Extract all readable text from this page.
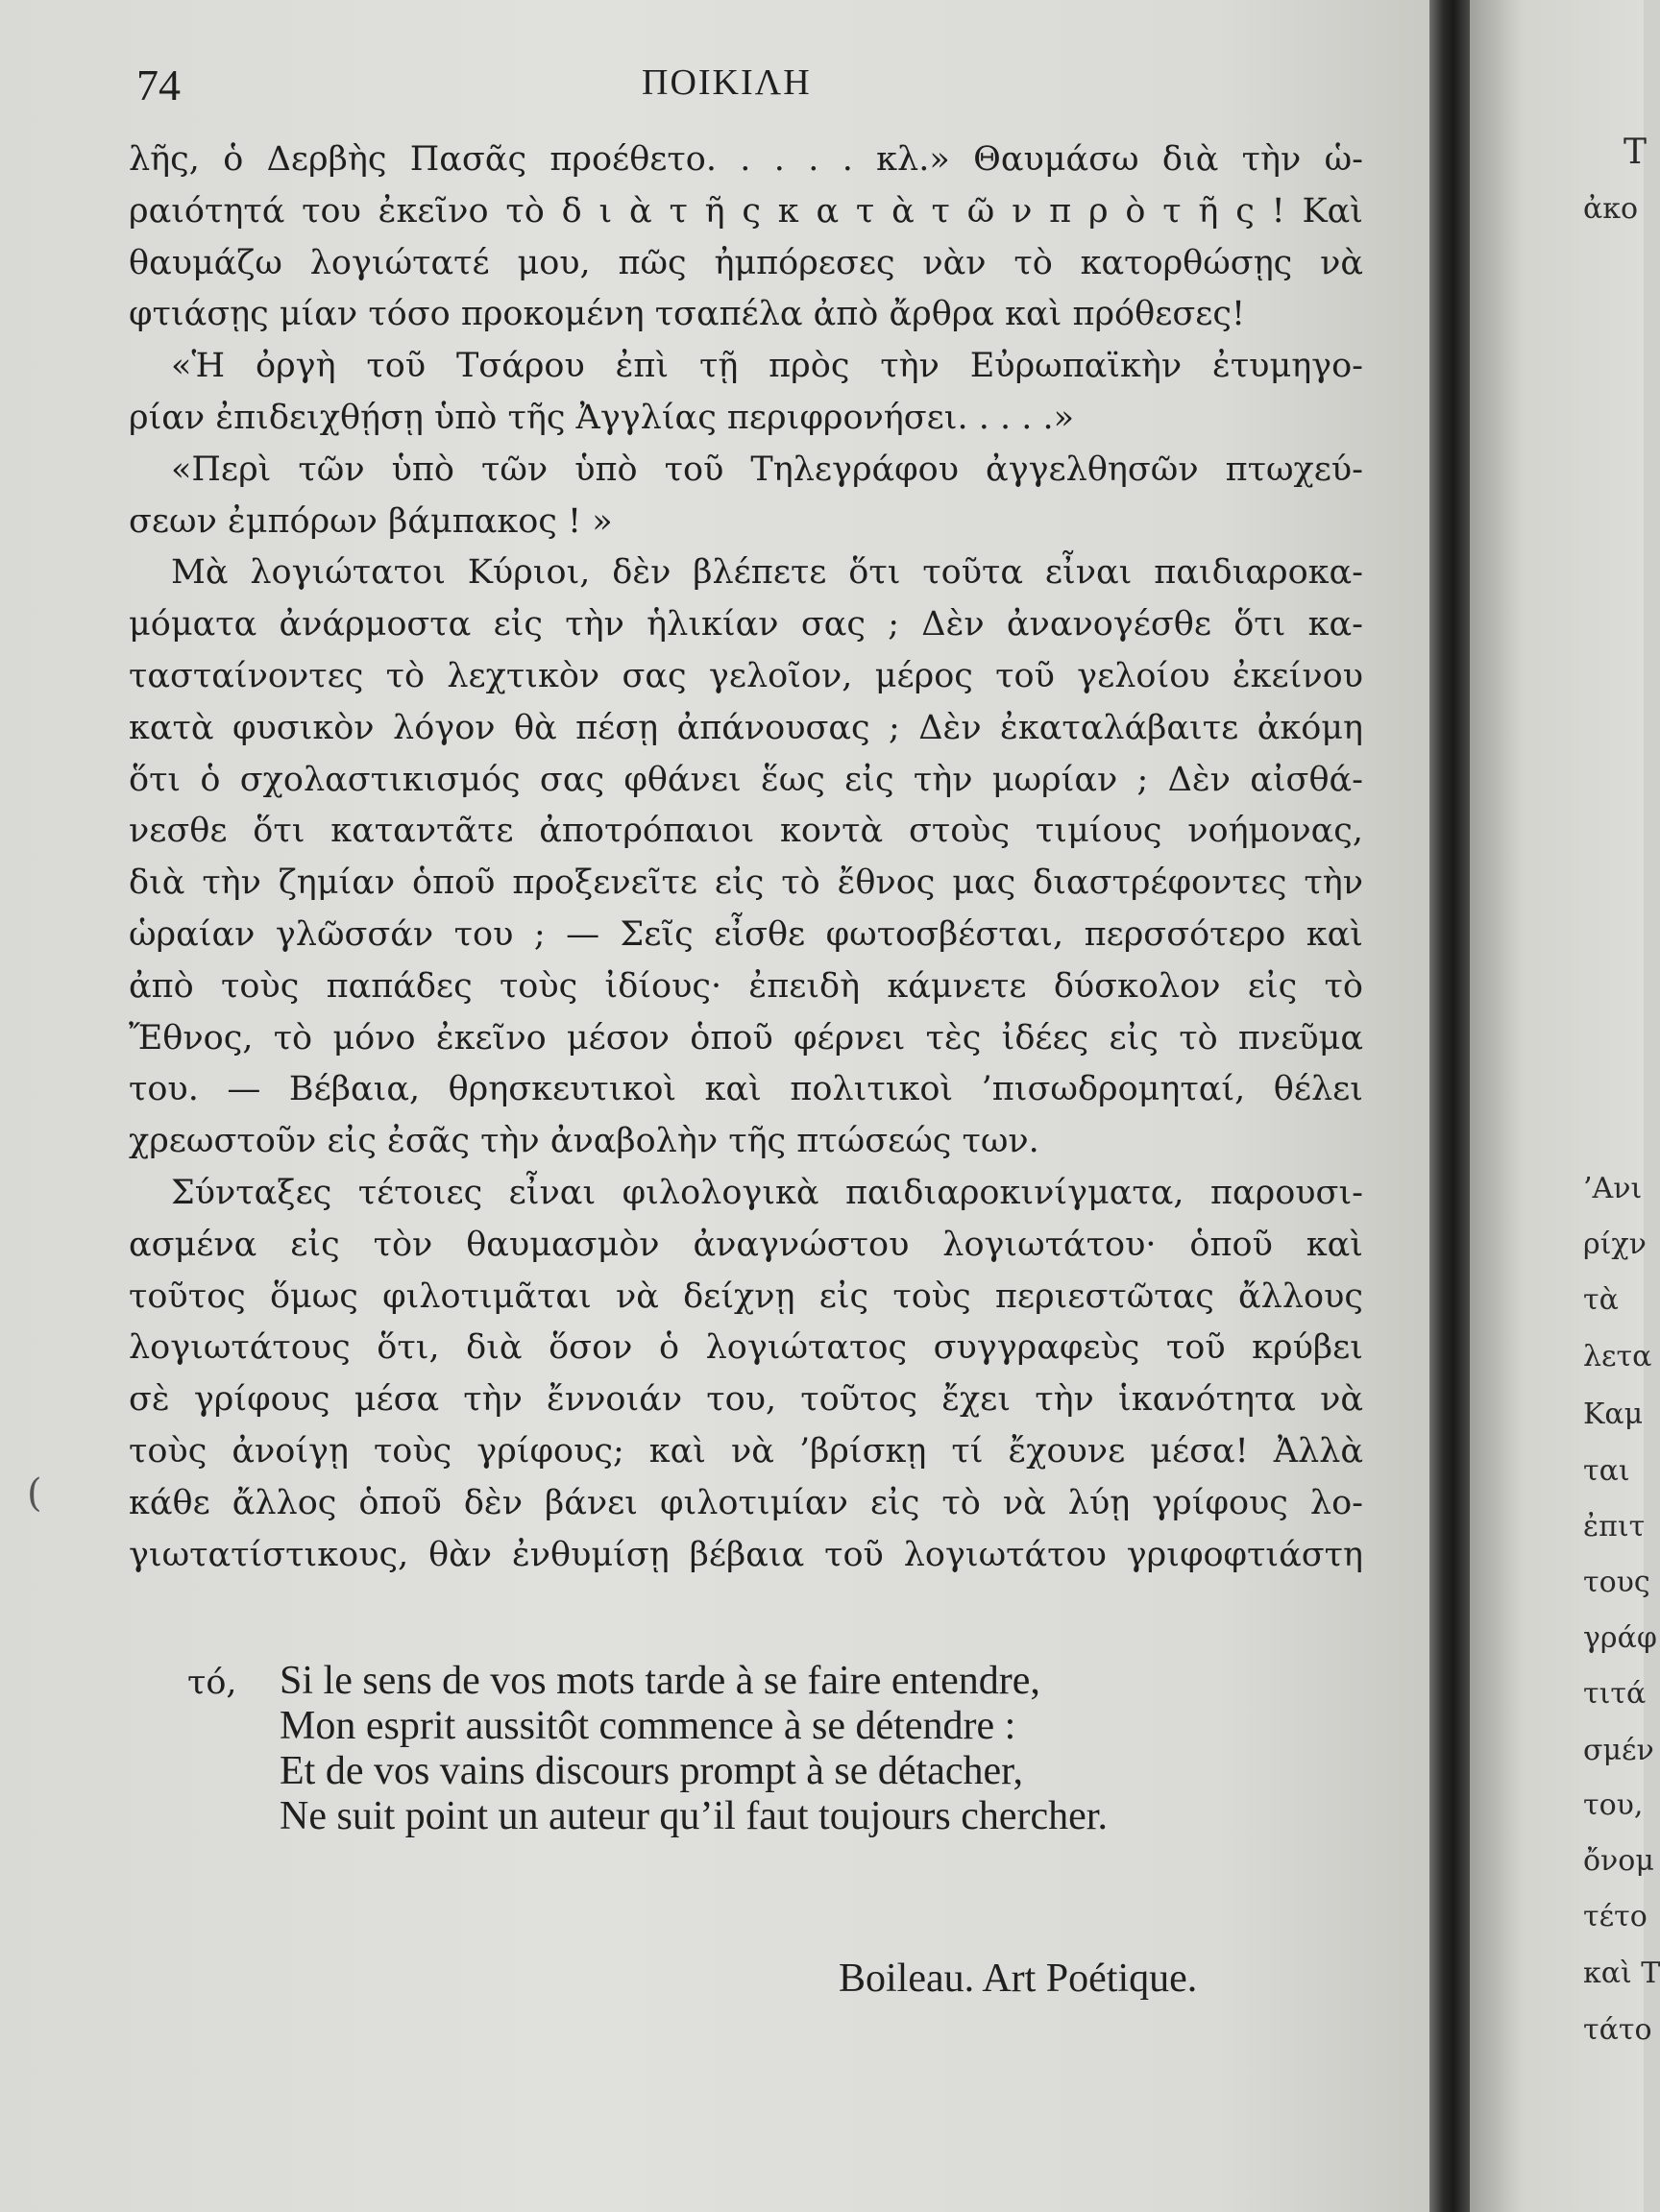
74	ΠΟΙΚΙΛΗ
λῆς, ὁ Δερβὴς Πασᾶς προέθετο. . . . . κλ.» Θαυμάσω διὰ τὴν ὡ-
ραιότητά του ἐκεῖνο τὸ δ ι ὰ τ ῆ ς κ α τ ὰ τ ῶ ν π ρ ὸ τ ῆ ς ! Καὶ
θαυμάζω λογιώτατέ μου, πῶς ἠμπόρεσες νὰν τὸ κατορθώσῃς νὰ
φτιάσῃς μίαν τόσο προκομένη τσαπέλα ἀπὸ ἄρθρα καὶ πρόθεσες!
«Ἡ ὀργὴ τοῦ Τσάρου ἐπὶ τῇ πρὸς τὴν Εὐρωπαϊκὴν ἐτυμηγο-
ρίαν ἐπιδειχθῄσῃ ὑπὸ τῆς Ἀγγλίας περιφρονήσει. . . . .»
«Περὶ τῶν ὑπὸ τῶν ὑπὸ τοῦ Τηλεγράφου ἀγγελθησῶν πτωχεύ-
σεων ἐμπόρων βάμπακος ! »
Μὰ λογιώτατοι Κύριοι, δὲν βλέπετε ὅτι τοῦτα εἶναι παιδιαροκα-
μόματα ἀνάρμοστα εἰς τὴν ἡλικίαν σας ; Δὲν ἀνανογέσθε ὅτι κα-
τασταίνοντες τὸ λεχτικὸν σας γελοῖον, μέρος τοῦ γελοίου ἐκείνου
κατὰ φυσικὸν λόγον θὰ πέσῃ ἀπάνουσας ; Δὲν ἐκαταλάβαιτε ἀκόμη
ὅτι ὁ σχολαστικισμός σας φθάνει ἕως εἰς τὴν μωρίαν ; Δὲν αἰσθά-
νεσθε ὅτι καταντᾶτε ἀποτρόπαιοι κοντὰ στοὺς τιμίους νοήμονας,
διὰ τὴν ζημίαν ὁποῦ προξενεῖτε εἰς τὸ ἔθνος μας διαστρέφοντες τὴν
ὡραίαν γλῶσσάν του ; — Σεῖς εἶσθε φωτοσβέσται, περσσότερο καὶ
ἀπὸ τοὺς παπάδες τοὺς ἰδίους· ἐπειδὴ κάμνετε δύσκολον εἰς τὸ
Ἔθνος, τὸ μόνο ἐκεῖνο μέσον ὁποῦ φέρνει τὲς ἰδέες εἰς τὸ πνεῦμα
του. — Βέβαια, θρησκευτικοὶ καὶ πολιτικοὶ ’πισωδρομηταί, θέλει
χρεωστοῦν εἰς ἐσᾶς τὴν ἀναβολὴν τῆς πτώσεώς των.
Σύνταξες τέτοιες εἶναι φιλολογικὰ παιδιαροκινίγματα, παρουσι-
ασμένα εἰς τὸν θαυμασμὸν ἀναγνώστου λογιωτάτου· ὁποῦ καὶ
τοῦτος ὅμως φιλοτιμᾶται νὰ δείχνῃ εἰς τοὺς περιεστῶτας ἄλλους
λογιωτάτους ὅτι, διὰ ὅσον ὁ λογιώτατος συγγραφεὺς τοῦ κρύβει
σὲ γρίφους μέσα τὴν ἔννοιάν του, τοῦτος ἔχει τὴν ἱκανότητα νὰ
τοὺς ἀνοίγῃ τοὺς γρίφους; καὶ νὰ ’βρίσκῃ τί ἔχουνε μέσα! Ἀλλὰ
κάθε ἄλλος ὁποῦ δὲν βάνει φιλοτιμίαν εἰς τὸ νὰ λύῃ γρίφους λο-
γιωτατίστικους, θὰν ἐνθυμίσῃ βέβαια τοῦ λογιωτάτου γριφοφτιάστη
τό, Si le sens de vos mots tarde à se faire entendre,
Mon esprit aussitôt commence à se détendre :
Et de vos vains discours prompt à se détacher,
Ne suit point un auteur qu’il faut toujours chercher.
Boileau. Art Poétique.
(
T
ἀκο
’Ανι
ρίχν
τὰ
λετα
Καμ
ται
ἐπιτ
τους
γράφ
τιτά
σμέν
του,
ὄνομ
τέτο
καὶ Τ
τάτο
